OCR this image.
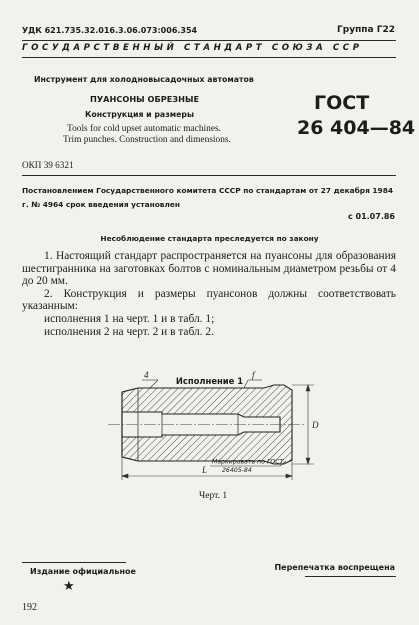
УДК 621.735.32.016.3.06.073:006.354	Группа Г22
ГОСУДАРСТВЕННЫЙ СТАНДАРТ СОЮЗА ССР
Инструмент для холодновысадочных автоматов
ПУАНСОНЫ ОБРЕЗНЫЕ
Конструкция и размеры
Tools for cold upset automatic machines.
Trim punches. Construction and dimensions.
ГОСТ
26 404—84
ОКП 39 6321
Постановлением Государственного комитета СССР по стандартам от 27 декабря 1984 г. № 4964 срок введения установлен
с 01.07.86
Несоблюдение стандарта преследуется по закону

1. Настоящий стандарт распространяется на пуансоны для образования шестигранника на заготовках болтов с номинальным диаметром резьбы от 4 до 20 мм.

2. Конструкция и размеры пуансонов должны соответствовать указанным:

исполнения 1 на черт. 1 и в табл. 1;

исполнения 2 на черт. 2 и в табл. 2.

Исполнение 1
D
L
4	f
Маркировать по ГОСТ
26405-84
Черт. 1
Издание официальное	Перепечатка воспрещена
★
192
